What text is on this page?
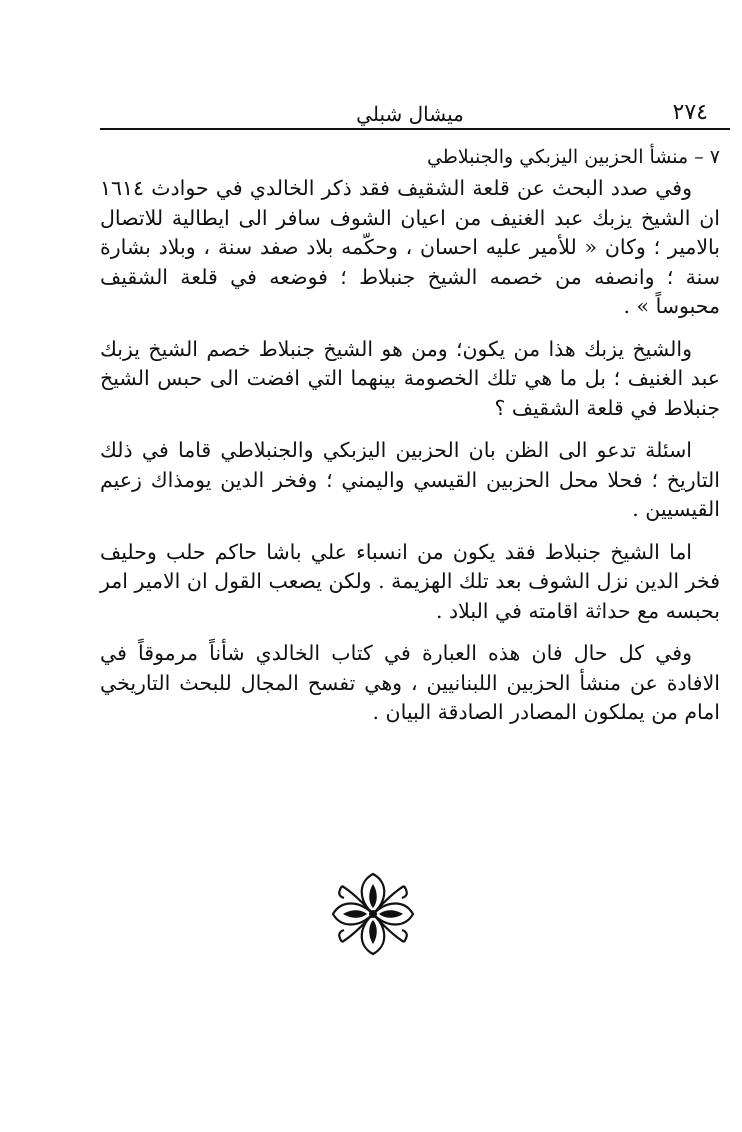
ميشال شبلي	٢٧٤

٧ – منشأ الحزبين اليزبكي والجنبلاطي

وفي صدد البحث عن قلعة الشقيف فقد ذكر الخالدي في حوادث ١٦١٤ ان الشيخ يزبك عبد الغنيف من اعيان الشوف سافر الى ايطالية للاتصال بالامير ؛ وكان « للأمير عليه احسان ، وحكّمه بلاد صفد سنة ، وبلاد بشارة سنة ؛ وانصفه من خصمه الشيخ جنبلاط ؛ فوضعه في قلعة الشقيف محبوساً » .

والشيخ يزبك هذا من يكون؛ ومن هو الشيخ جنبلاط خصم الشيخ يزبك عبد الغنيف ؛ بل ما هي تلك الخصومة بينهما التي افضت الى حبس الشيخ جنبلاط في قلعة الشقيف ؟

اسئلة تدعو الى الظن بان الحزبين اليزبكي والجنبلاطي قاما في ذلك التاريخ ؛ فحلا محل الحزبين القيسي واليمني ؛ وفخر الدين يومذاك زعيم القيسيين .

اما الشيخ جنبلاط فقد يكون من انسباء علي باشا حاكم حلب وحليف فخر الدين نزل الشوف بعد تلك الهزيمة . ولكن يصعب القول ان الامير امر بحبسه مع حداثة اقامته في البلاد .

وفي كل حال فان هذه العبارة في كتاب الخالدي شأناً مرموقاً في الافادة عن منشأ الحزبين اللبنانيين ، وهي تفسح المجال للبحث التاريخي امام من يملكون المصادر الصادقة البيان .
